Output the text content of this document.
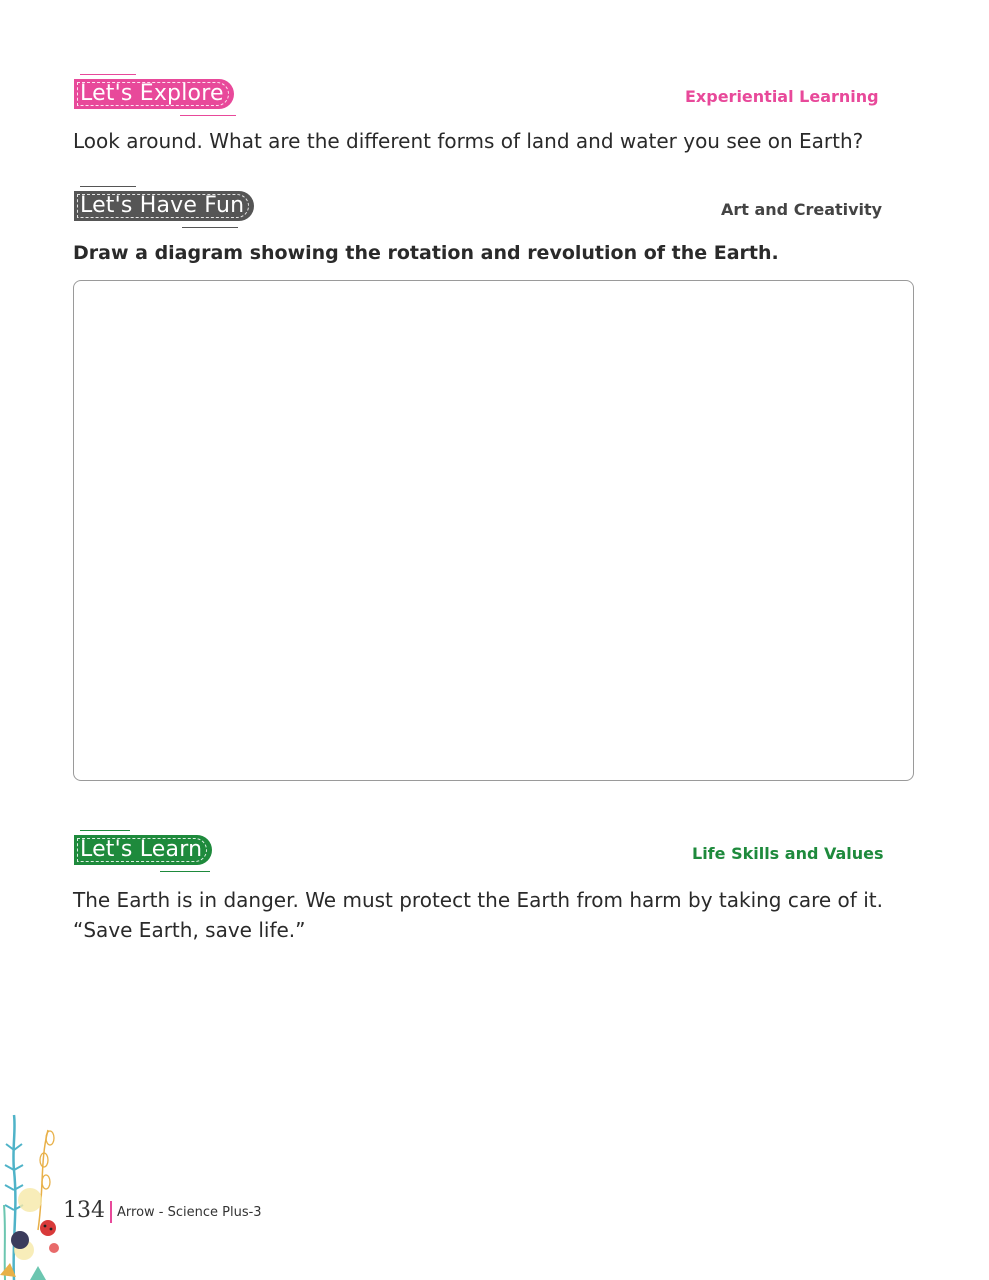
Let's Explore	Experiential Learning
Look around. What are the different forms of land and water you see on Earth?
Let's Have Fun	Art and Creativity
Draw a diagram showing the rotation and revolution of the Earth.
Let's Learn	Life Skills and Values
The Earth is in danger. We must protect the Earth from harm by taking care of it.
“Save Earth, save life.”
134 Arrow - Science Plus-3
